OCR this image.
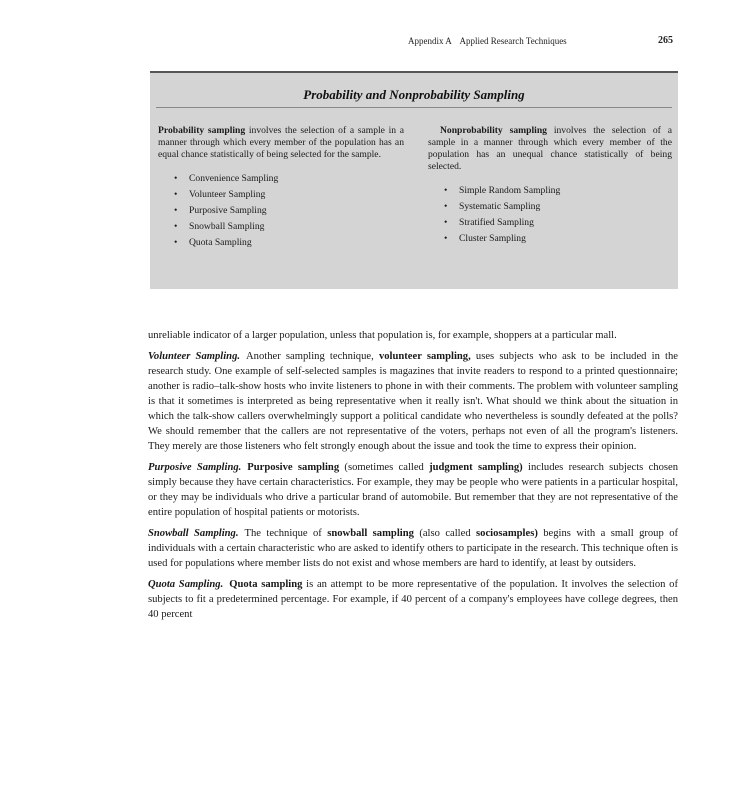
Appendix A Applied Research Techniques	265
Probability and Nonprobability Sampling

Probability sampling involves the selection of a sample in a manner through which every member of the population has an equal chance statistically of being selected for the sample.

• Convenience Sampling
• Volunteer Sampling
• Purposive Sampling
• Snowball Sampling
• Quota Sampling

Nonprobability sampling involves the selection of a sample in a manner through which every member of the population has an unequal chance statistically of being selected.

• Simple Random Sampling
• Systematic Sampling
• Stratified Sampling
• Cluster Sampling

unreliable indicator of a larger population, unless that population is, for example, shoppers at a particular mall.

Volunteer Sampling. Another sampling technique, volunteer sampling, uses subjects who ask to be included in the research study. One example of self-selected samples is magazines that invite readers to respond to a printed questionnaire; another is radio–talk-show hosts who invite listeners to phone in with their comments. The problem with volunteer sampling is that it sometimes is interpreted as being representative when it really isn't. What should we think about the situation in which the talk-show callers overwhelmingly support a political candidate who nevertheless is soundly defeated at the polls? We should remember that the callers are not representative of the voters, perhaps not even of all the program's listeners. They merely are those listeners who felt strongly enough about the issue and took the time to express their opinion.

Purposive Sampling. Purposive sampling (sometimes called judgment sampling) includes research subjects chosen simply because they have certain characteristics. For example, they may be people who were patients in a particular hospital, or they may be individuals who drive a particular brand of automobile. But remember that they are not representative of the entire population of hospital patients or motorists.

Snowball Sampling. The technique of snowball sampling (also called sociosamples) begins with a small group of individuals with a certain characteristic who are asked to identify others to participate in the research. This technique often is used for populations where member lists do not exist and whose members are hard to identify, at least by outsiders.

Quota Sampling. Quota sampling is an attempt to be more representative of the population. It involves the selection of subjects to fit a predetermined percentage. For example, if 40 percent of a company's employees have college degrees, then 40 percent
